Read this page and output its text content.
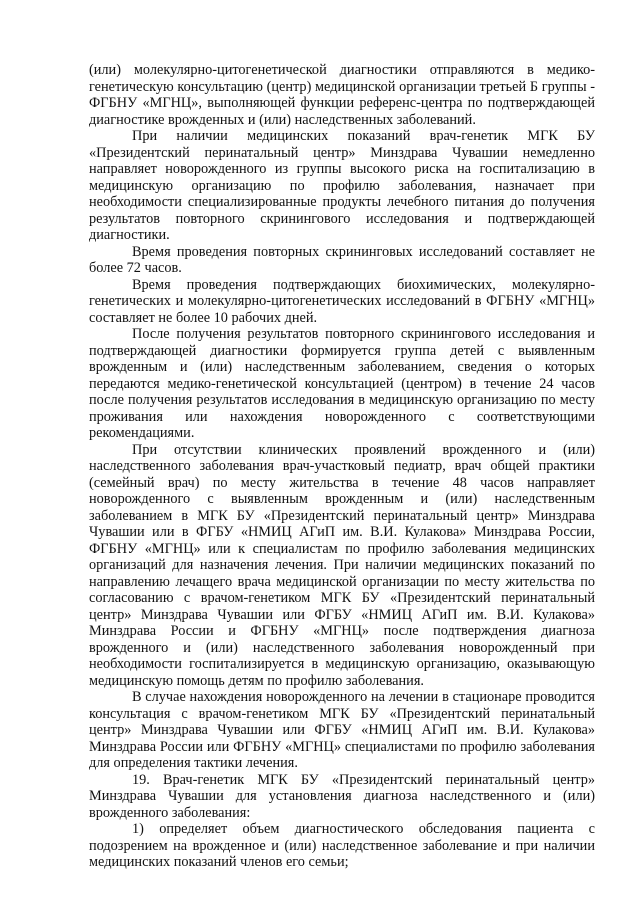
(или) молекулярно-цитогенетической диагностики отправляются в медико-генетическую консультацию (центр) медицинской организации третьей Б группы - ФГБНУ «МГНЦ», выполняющей функции референс-центра по подтверждающей диагностике врожденных и (или) наследственных заболеваний.

При наличии медицинских показаний врач-генетик МГК БУ «Президентский перинатальный центр» Минздрава Чувашии немедленно направляет новорожденного из группы высокого риска на госпитализацию в медицинскую организацию по профилю заболевания, назначает при необходимости специализированные продукты лечебного питания до получения результатов повторного скринингового исследования и подтверждающей диагностики.

Время проведения повторных скрининговых исследований составляет не более 72 часов.

Время проведения подтверждающих биохимических, молекулярно-генетических и молекулярно-цитогенетических исследований в ФГБНУ «МГНЦ» составляет не более 10 рабочих дней.

После получения результатов повторного скринингового исследования и подтверждающей диагностики формируется группа детей с выявленным врожденным и (или) наследственным заболеванием, сведения о которых передаются медико-генетической консультацией (центром) в течение 24 часов после получения результатов исследования в медицинскую организацию по месту проживания или нахождения новорожденного с соответствующими рекомендациями.

При отсутствии клинических проявлений врожденного и (или) наследственного заболевания врач-участковый педиатр, врач общей практики (семейный врач) по месту жительства в течение 48 часов направляет новорожденного с выявленным врожденным и (или) наследственным заболеванием в МГК БУ «Президентский перинатальный центр» Минздрава Чувашии или в ФГБУ «НМИЦ АГиП им. В.И. Кулакова» Минздрава России, ФГБНУ «МГНЦ» или к специалистам по профилю заболевания медицинских организаций для назначения лечения. При наличии медицинских показаний по направлению лечащего врача медицинской организации по месту жительства по согласованию с врачом-генетиком МГК БУ «Президентский перинатальный центр» Минздрава Чувашии или ФГБУ «НМИЦ АГиП им. В.И. Кулакова» Минздрава России и ФГБНУ «МГНЦ» после подтверждения диагноза врожденного и (или) наследственного заболевания новорожденный при необходимости госпитализируется в медицинскую организацию, оказывающую медицинскую помощь детям по профилю заболевания.

В случае нахождения новорожденного на лечении в стационаре проводится консультация с врачом-генетиком МГК БУ «Президентский перинатальный центр» Минздрава Чувашии или ФГБУ «НМИЦ АГиП им. В.И. Кулакова» Минздрава России или ФГБНУ «МГНЦ» специалистами по профилю заболевания для определения тактики лечения.

19. Врач-генетик МГК БУ «Президентский перинатальный центр» Минздрава Чувашии для установления диагноза наследственного и (или) врожденного заболевания:

1) определяет объем диагностического обследования пациента с подозрением на врожденное и (или) наследственное заболевание и при наличии медицинских показаний членов его семьи;
